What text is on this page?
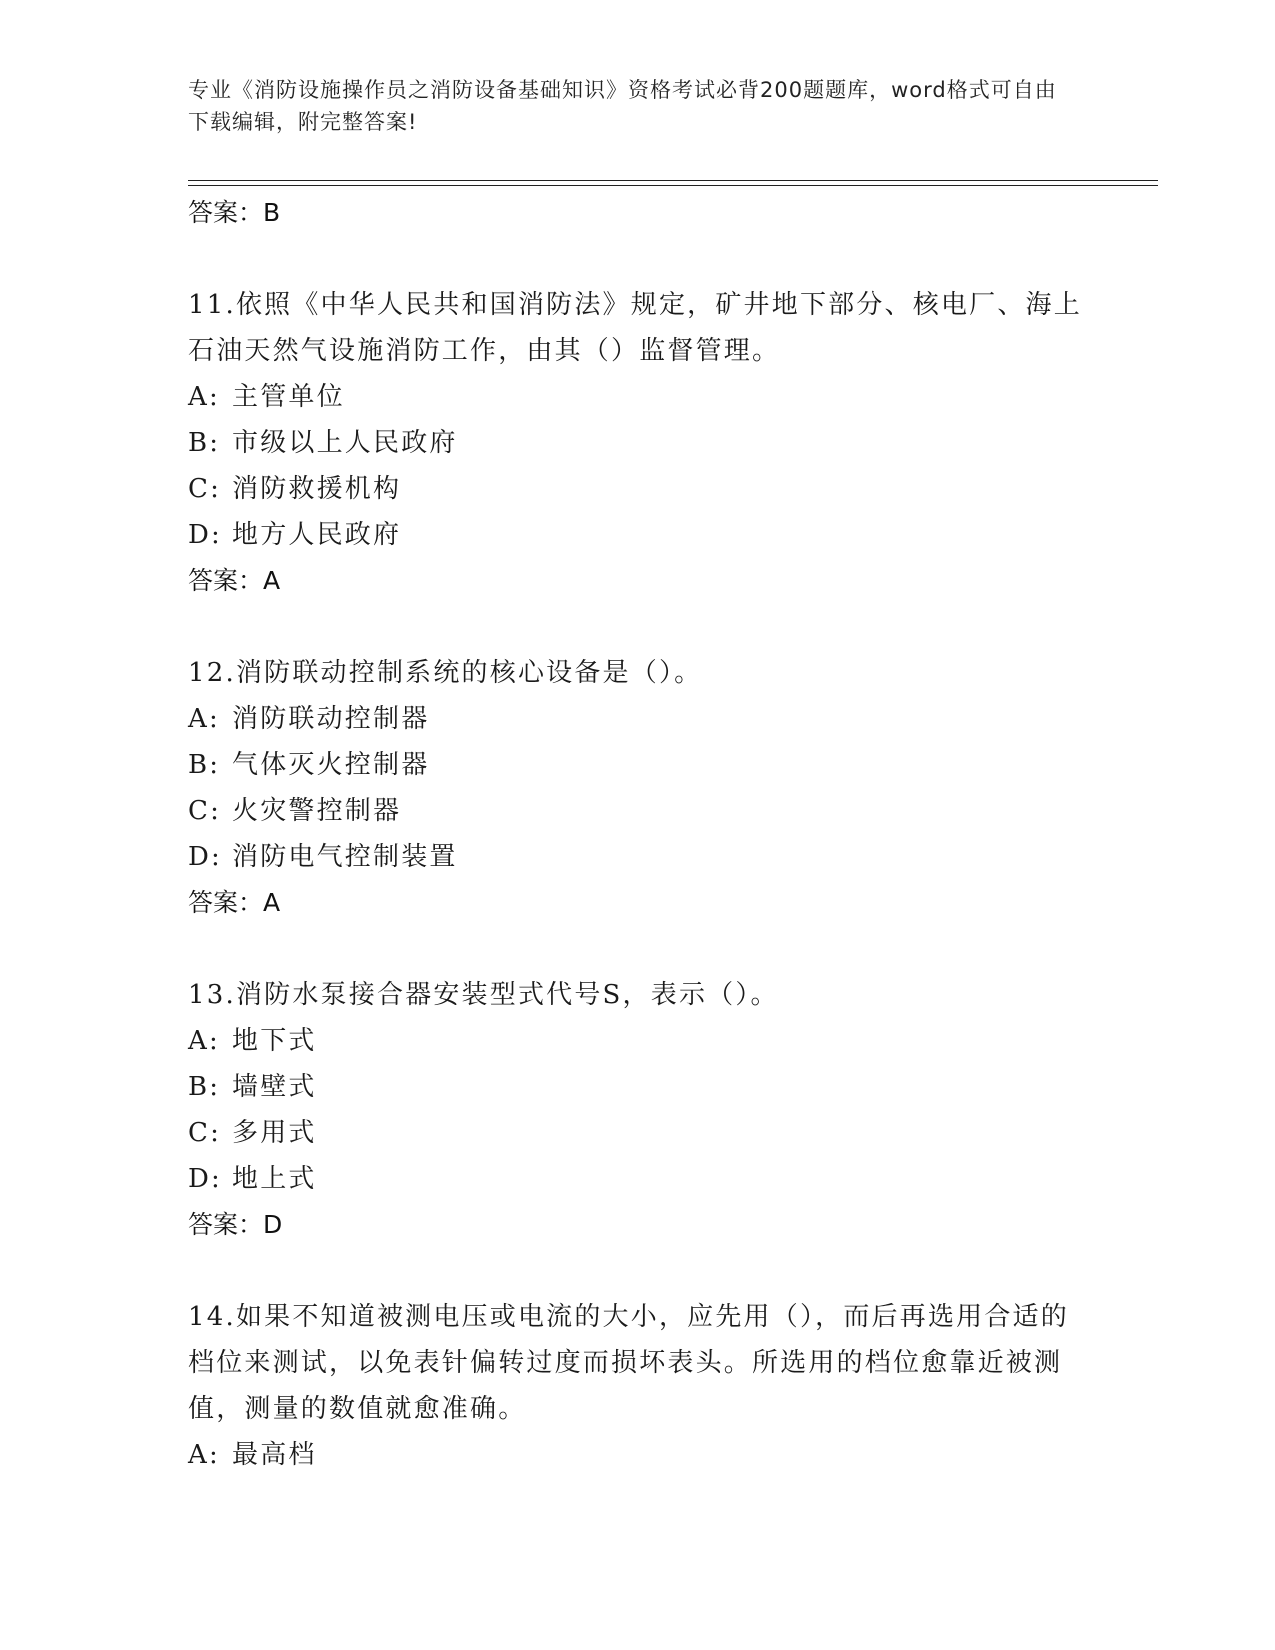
专业《消防设施操作员之消防设备基础知识》资格考试必背200题题库，word格式可自由下载编辑，附完整答案!
答案：B
11.依照《中华人民共和国消防法》规定，矿井地下部分、核电厂、海上石油天然气设施消防工作，由其（）监督管理。
A: 主管单位
B: 市级以上人民政府
C: 消防救援机构
D: 地方人民政府
答案：A
12.消防联动控制系统的核心设备是（）。
A: 消防联动控制器
B: 气体灭火控制器
C: 火灾警控制器
D: 消防电气控制装置
答案：A
13.消防水泵接合器安装型式代号S，表示（）。
A: 地下式
B: 墙壁式
C: 多用式
D: 地上式
答案：D
14.如果不知道被测电压或电流的大小，应先用（），而后再选用合适的档位来测试，以免表针偏转过度而损坏表头。所选用的档位愈靠近被测值，测量的数值就愈准确。
A: 最高档
